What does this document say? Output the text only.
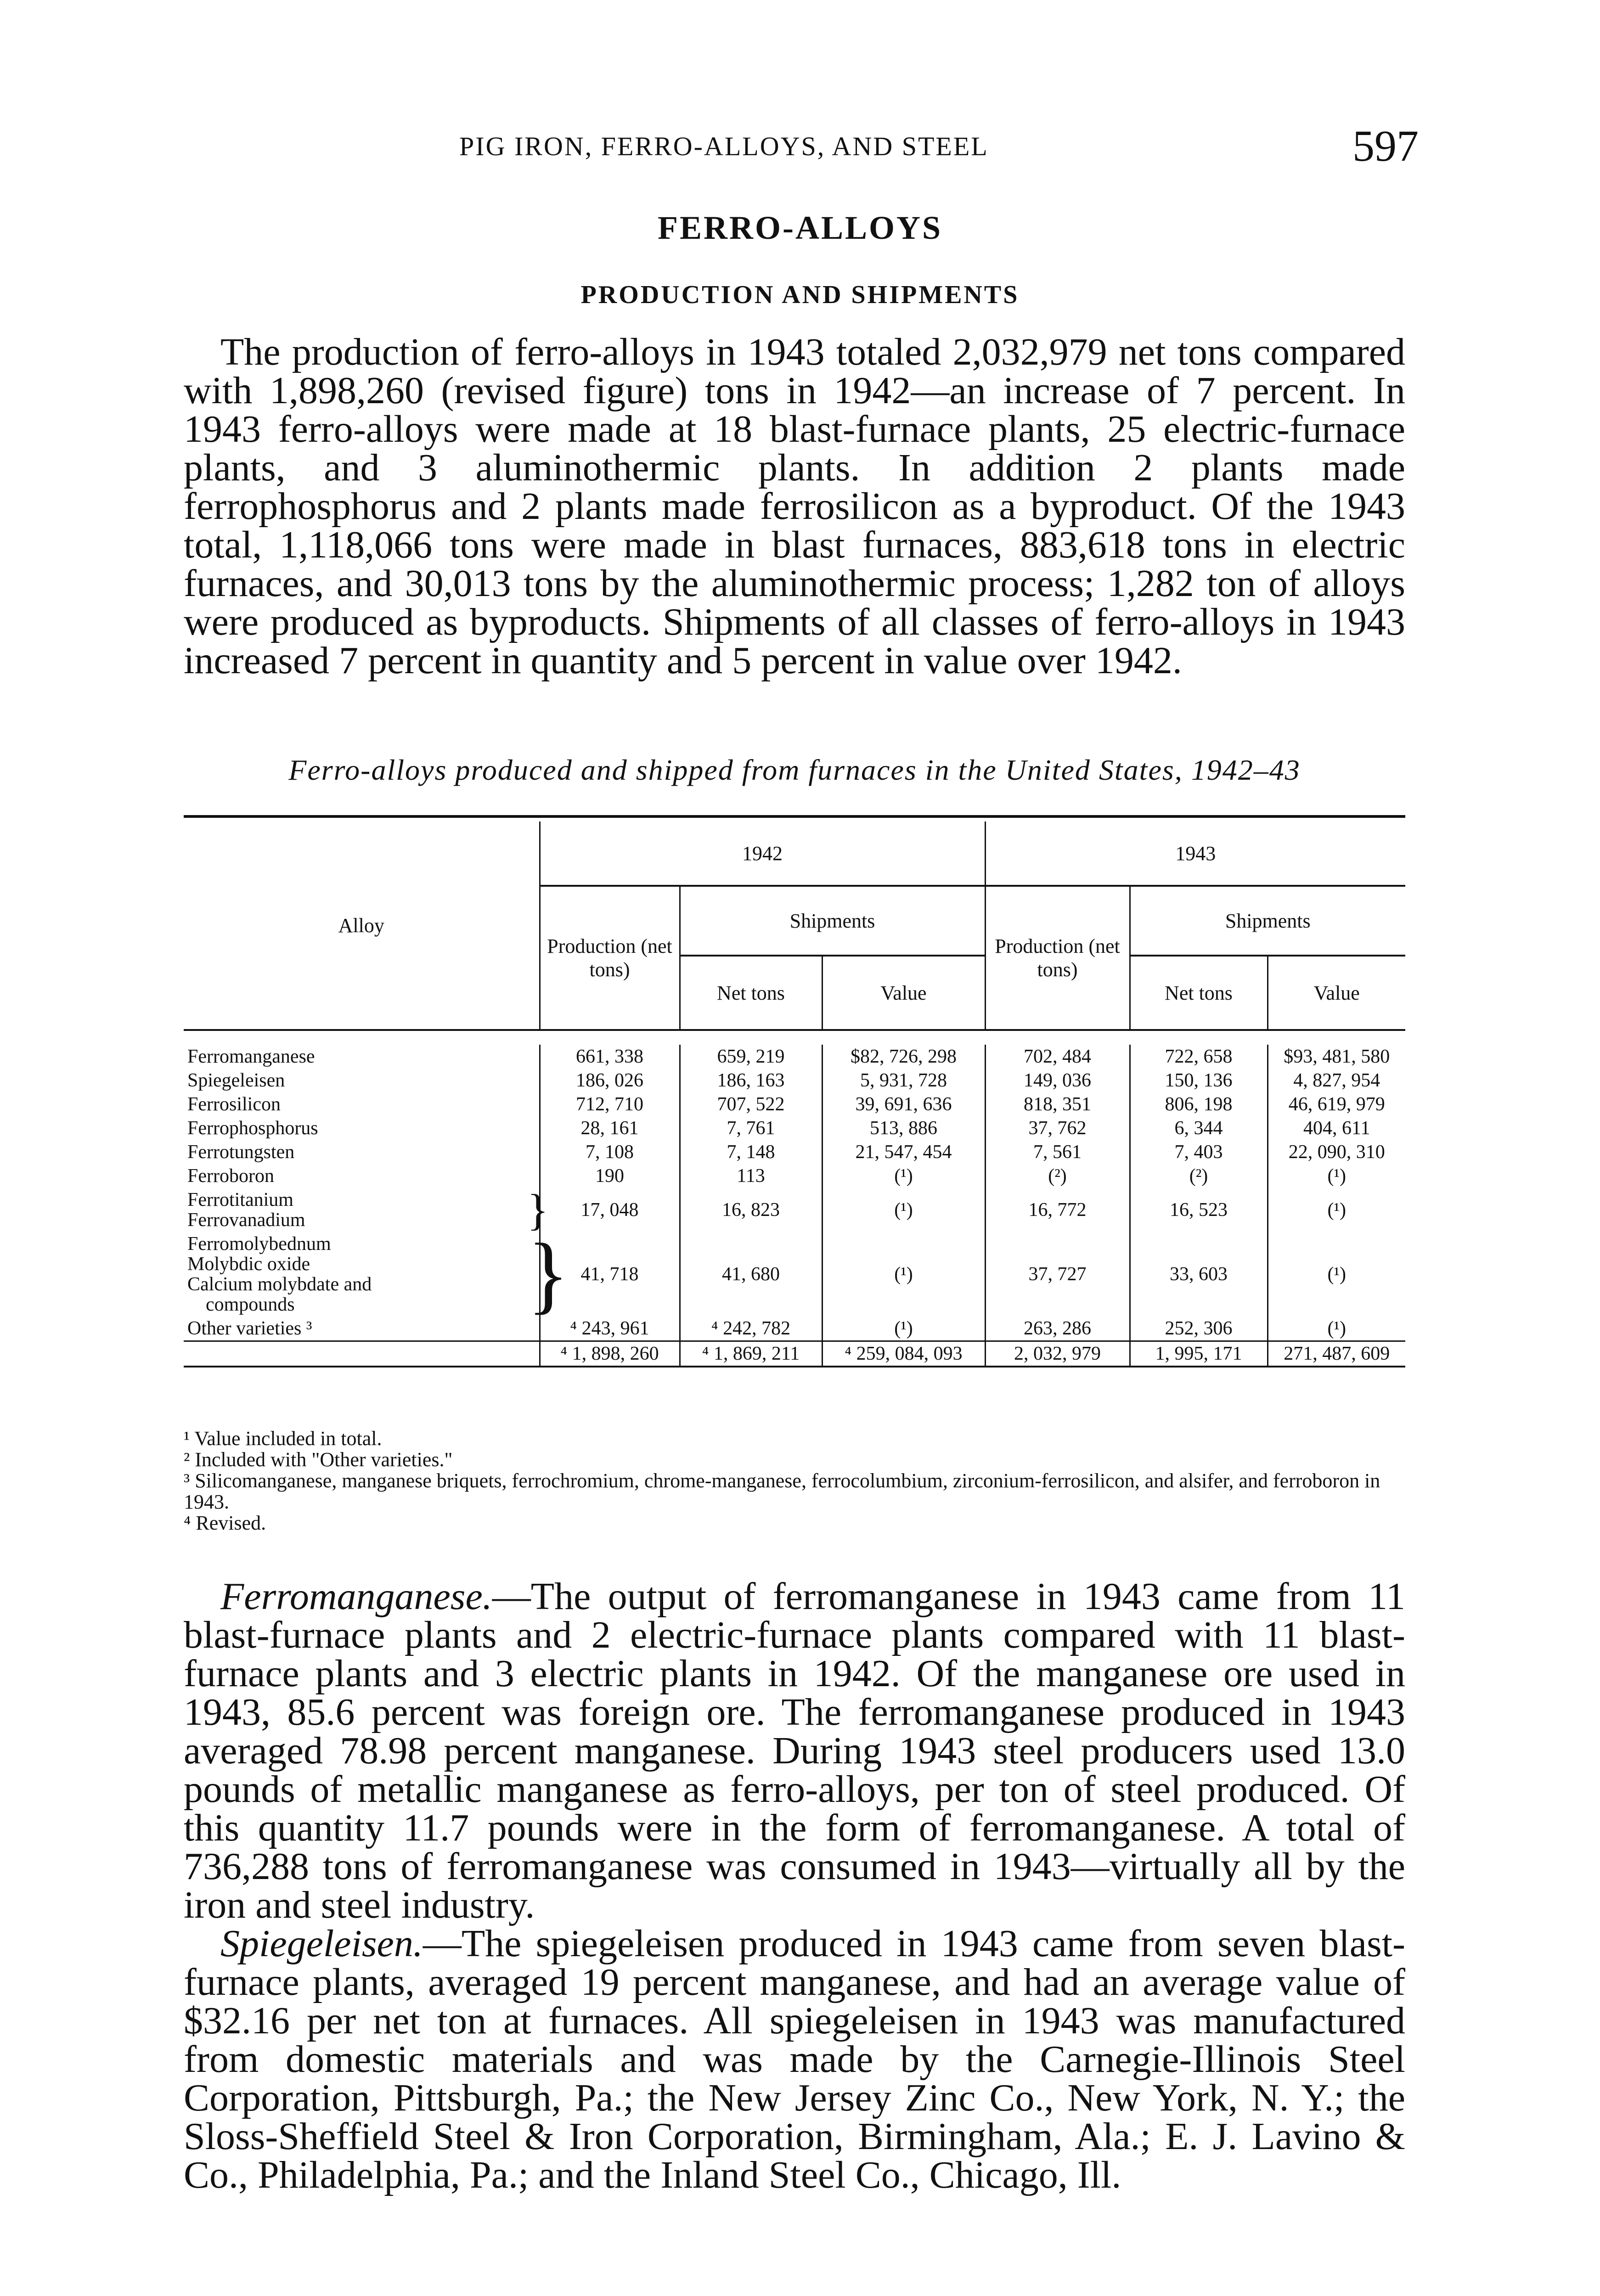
PIG IRON, FERRO-ALLOYS, AND STEEL	597
FERRO-ALLOYS
PRODUCTION AND SHIPMENTS

The production of ferro-alloys in 1943 totaled 2,032,979 net tons compared with 1,898,260 (revised figure) tons in 1942—an increase of 7 percent. In 1943 ferro-alloys were made at 18 blast-furnace plants, 25 electric-furnace plants, and 3 aluminothermic plants. In addition 2 plants made ferrophosphorus and 2 plants made ferrosilicon as a byproduct. Of the 1943 total, 1,118,066 tons were made in blast furnaces, 883,618 tons in electric furnaces, and 30,013 tons by the aluminothermic process; 1,282 ton of alloys were produced as byproducts. Shipments of all classes of ferro-alloys in 1943 increased 7 percent in quantity and 5 percent in value over 1942.

Ferro-alloys produced and shipped from furnaces in the United States, 1942–43

Alloy		1942			1943		
		Production (net tons)	Shipments		Production (net tons)	Shipments	
			Net tons	Value		Net tons	Value

Ferromanganese		661, 338	659, 219	$82, 726, 298	702, 484	722, 658	$93, 481, 580
Spiegeleisen		186, 026	186, 163	5, 931, 728	149, 036	150, 136	4, 827, 954
Ferrosilicon		712, 710	707, 522	39, 691, 636	818, 351	806, 198	46, 619, 979
Ferrophosphorus		28, 161	7, 761	513, 886	37, 762	6, 344	404, 611
Ferrotungsten		7, 108	7, 148	21, 547, 454	7, 561	7, 403	22, 090, 310
Ferroboron		190	113	(¹)	(²)	(²)	(¹)

Ferrotitanium
Ferrovanadium	}	17, 048	16, 823	(¹)	16, 772	16, 523	(¹)

Ferromolybednum
Molybdic oxide
Calcium molybdate and
compounds	}	41, 718	41, 680	(¹)	37, 727	33, 603	(¹)
Other varieties ³		⁴ 243, 961	⁴ 242, 782	(¹)	263, 286	252, 306	(¹)
		⁴ 1, 898, 260	⁴ 1, 869, 211	⁴ 259, 084, 093	2, 032, 979	1, 995, 171	271, 487, 609
¹ Value included in total.
² Included with "Other varieties."
³ Silicomanganese, manganese briquets, ferrochromium, chrome-manganese, ferrocolumbium, zirconium-ferrosilicon, and alsifer, and ferroboron in 1943.
⁴ Revised.

Ferromanganese.—The output of ferromanganese in 1943 came from 11 blast-furnace plants and 2 electric-furnace plants compared with 11 blast-furnace plants and 3 electric plants in 1942. Of the manganese ore used in 1943, 85.6 percent was foreign ore. The ferromanganese produced in 1943 averaged 78.98 percent manganese. During 1943 steel producers used 13.0 pounds of metallic manganese as ferro-alloys, per ton of steel produced. Of this quantity 11.7 pounds were in the form of ferromanganese. A total of 736,288 tons of ferromanganese was consumed in 1943—virtually all by the iron and steel industry.

Spiegeleisen.—The spiegeleisen produced in 1943 came from seven blast-furnace plants, averaged 19 percent manganese, and had an average value of $32.16 per net ton at furnaces. All spiegeleisen in 1943 was manufactured from domestic materials and was made by the Carnegie-Illinois Steel Corporation, Pittsburgh, Pa.; the New Jersey Zinc Co., New York, N. Y.; the Sloss-Sheffield Steel & Iron Corporation, Birmingham, Ala.; E. J. Lavino & Co., Philadelphia, Pa.; and the Inland Steel Co., Chicago, Ill.
